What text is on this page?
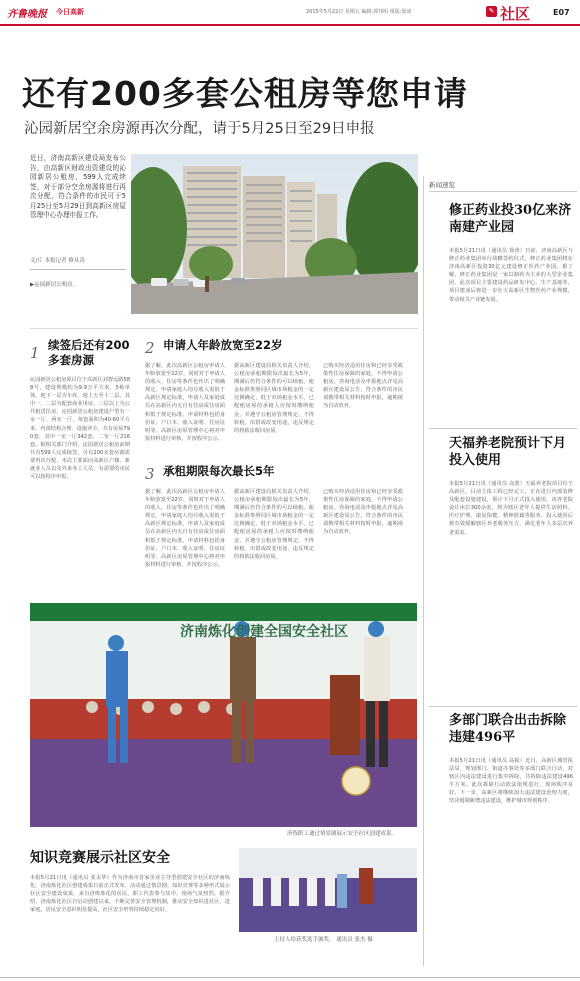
齐鲁晚报 今日高新	2015年5月22日 星期五 编辑:郭伟明 组版:徐凌	✎ 社区	E07
还有200多套公租房等您申请
沁园新居空余房源再次分配，请于5月25日至29日申报
近日，济南高新区建设局发布公告，由高新区财政出资建设的沁园新居公租房，599人完成续签，对于部分空余房源将进行再次分配，符合条件的市民可于5月25日至5月29日到高新区房屋管理中心办理申报工作。
文/片 本报记者 修从涛
▶沁园新居公租房。
1 续签后还有200多套房源
2 申请人年龄放宽至22岁
3 承租期限每次最长5年
沁园新居公租房项目位于高新区刘智远路588号，建设规模约为9.9万平方米，5栋单体，地下一层为车库，地上五至十二层。其中一、二层为配套商业用房，三层以上为公共租赁住房。沁园新居公租房建设户型有一室一厅、两室一厅，每套面积为40-60平方米，内部结构合理、设施齐全。共有房屋790套，其中一室一厅342套，二室一厅216套。据相关部门介绍，沁园新居公租房前期共有599人完成续签，另有200多套房源需要再次分配，本次主要面向高新区户籍、新就业人员以及外来务工人员，有需要的市民可以按程序申报。
据了解，此次高新区公租房申请人年龄放宽至22岁，同时对于申请人的收入、住房等条件也作出了明确规定。申请家庭人均月收入需低于高新区规定标准，申请人及家庭成员在高新区内无自有住房或住房面积低于规定标准。申请材料包括身份证、户口本、收入证明、住房证明等。高新区房屋管理中心将对申报材料进行审核，并按程序公示。
据高新区建设局相关负责人介绍，公租房承租期限每次最长为5年，期满后仍符合条件的可以续租。租金标准参照同区域市场租金的一定比例确定，低于市场租金水平。已配租房屋的承租人应按时缴纳租金，并遵守公租房管理规定，不得转租、出借或改变用途，违反规定的将依法收回房屋。
已购买经济适用住房和已经享受政策性住房保障的家庭，不得申请公租房。咨询电话及申报地点详见高新区建设局公告，符合条件的市民请携带相关材料按时申报，逾期视为自动放弃。
据了解，此次高新区公租房申请人年龄放宽至22岁，同时对于申请人的收入、住房等条件也作出了明确规定。申请家庭人均月收入需低于高新区规定标准，申请人及家庭成员在高新区内无自有住房或住房面积低于规定标准。申请材料包括身份证、户口本、收入证明、住房证明等。高新区房屋管理中心将对申报材料进行审核，并按程序公示。
据高新区建设局相关负责人介绍，公租房承租期限每次最长为5年，期满后仍符合条件的可以续租。租金标准参照同区域市场租金的一定比例确定，低于市场租金水平。已配租房屋的承租人应按时缴纳租金，并遵守公租房管理规定，不得转租、出借或改变用途，违反规定的将依法收回房屋。
已购买经济适用住房和已经享受政策性住房保障的家庭，不得申请公租房。咨询电话及申报地点详见高新区建设局公告，符合条件的市民请携带相关材料按时申报，逾期视为自动放弃。
济南炼化创建全国安全社区
济炼职工通过情景剧展示安全社区创建成果。
知识竞赛展示社区安全
本报5月21日讯（通讯员 张永华）作为济南市首家企业主导型创建安全社区的济南炼化，济南炼化社区创建成果日前正式发布。活动通过情景剧、知识竞赛等多种形式展示社区安全建设成果。来自济炼炼化的居民、职工代表参与其中，现场气氛热烈。据介绍，济南炼化社区自启动创建以来，不断完善安全管理机制，推动安全知识进社区、进家庭，居民安全意识明显提高，社区安全形势持续稳定向好。
主持人给获奖选手颁奖。 通讯员 张杰 摄
新闻速览
修正药业投30亿来济南建产业园
本报5月21日讯（通讯员 徐涛）日前，济南高新区与修正药业集团举行战略签约仪式，修正药业集团将在济南高新区投资30亿元建设修正医药产业园。据了解，修正药业集团是一家以制药为主业的大型企业集团，此次项目主要建设药品研发中心、生产基地等，项目建成后将进一步壮大高新区生物医药产业规模，带动相关产业链发展。
天福养老院预计下月投入使用
本报5月21日讯（通讯员 高蕾）天福养老院项目位于高新区，目前主体工程已经完工，正在进行内部装修及配套设施建设，预计下月正式投入使用。该养老院设计床位300余张，将为辖区老年人提供生活照料、医疗护理、康复保健、精神慰藉等服务。投入使用后将有效缓解辖区养老服务压力，满足老年人多层次养老需求。
多部门联合出击拆除违建496平
本报5月21日讯（通讯员 高振）近日，高新区城管执法局、规划部门、街道办事处等多部门联合行动，对辖区内违法建设进行集中拆除，共拆除违法建设496平方米。此次拆除行动依法依规进行，现场秩序良好。下一步，高新区将继续加大违法建设治理力度，坚决遏制新增违法建设，维护城市规划秩序。
